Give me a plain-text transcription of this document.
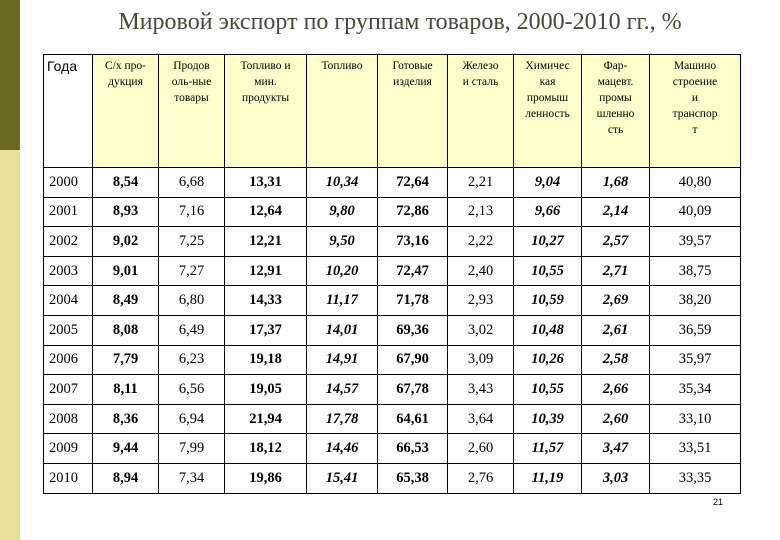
Мировой экспорт по группам товаров, 2000-2010 гг., %
Года	С/х про-
дукция	Продов
оль-ные
товары	Топливо и
мин.
продукты	Топливо	Готовые
изделия	Железо
и сталь	Химичес
кая
промыш
ленность	Фар-
мацевт.
промы
шленно
сть	Машино
строение
и
транспор
т

2000	8,54	6,68	13,31	10,34	72,64	2,21	9,04	1,68	40,80
2001	8,93	7,16	12,64	9,80	72,86	2,13	9,66	2,14	40,09
2002	9,02	7,25	12,21	9,50	73,16	2,22	10,27	2,57	39,57
2003	9,01	7,27	12,91	10,20	72,47	2,40	10,55	2,71	38,75
2004	8,49	6,80	14,33	11,17	71,78	2,93	10,59	2,69	38,20
2005	8,08	6,49	17,37	14,01	69,36	3,02	10,48	2,61	36,59
2006	7,79	6,23	19,18	14,91	67,90	3,09	10,26	2,58	35,97
2007	8,11	6,56	19,05	14,57	67,78	3,43	10,55	2,66	35,34
2008	8,36	6,94	21,94	17,78	64,61	3,64	10,39	2,60	33,10
2009	9,44	7,99	18,12	14,46	66,53	2,60	11,57	3,47	33,51
2010	8,94	7,34	19,86	15,41	65,38	2,76	11,19	3,03	33,35
21
